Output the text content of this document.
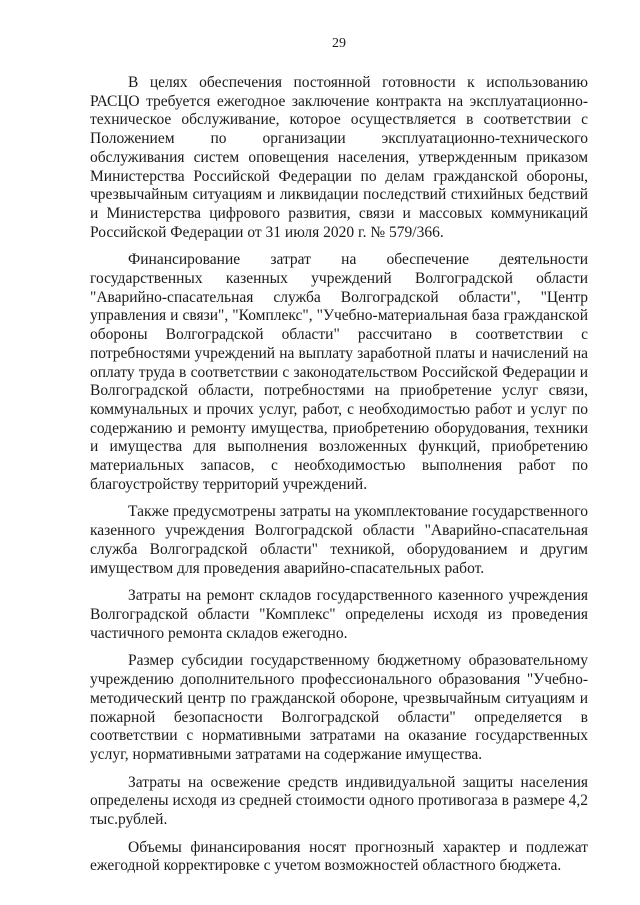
29

В целях обеспечения постоянной готовности к использованию РАСЦО требуется ежегодное заключение контракта на эксплуатационно-техническое обслуживание, которое осуществляется в соответствии с Положением по организации эксплуатационно-технического обслуживания систем оповещения населения, утвержденным приказом Министерства Российской Федерации по делам гражданской обороны, чрезвычайным ситуациям и ликвидации последствий стихийных бедствий и Министерства цифрового развития, связи и массовых коммуникаций Российской Федерации от 31 июля 2020 г. № 579/366.

Финансирование затрат на обеспечение деятельности государственных казенных учреждений Волгоградской области "Аварийно-спасательная служба Волгоградской области", "Центр управления и связи", "Комплекс", "Учебно-материальная база гражданской обороны Волгоградской области" рассчитано в соответствии с потребностями учреждений на выплату заработной платы и начислений на оплату труда в соответствии с законодательством Российской Федерации и Волгоградской области, потребностями на приобретение услуг связи, коммунальных и прочих услуг, работ, с необходимостью работ и услуг по содержанию и ремонту имущества, приобретению оборудования, техники и имущества для выполнения возложенных функций, приобретению материальных запасов, с необходимостью выполнения работ по благоустройству территорий учреждений.

Также предусмотрены затраты на укомплектование государственного казенного учреждения Волгоградской области "Аварийно-спасательная служба Волгоградской области" техникой, оборудованием и другим имуществом для проведения аварийно-спасательных работ.

Затраты на ремонт складов государственного казенного учреждения Волгоградской области "Комплекс" определены исходя из проведения частичного ремонта складов ежегодно.

Размер субсидии государственному бюджетному образовательному учреждению дополнительного профессионального образования "Учебно-методический центр по гражданской обороне, чрезвычайным ситуациям и пожарной безопасности Волгоградской области" определяется в соответствии с нормативными затратами на оказание государственных услуг, нормативными затратами на содержание имущества.

Затраты на освежение средств индивидуальной защиты населения определены исходя из средней стоимости одного противогаза в размере 4,2 тыс.рублей.

Объемы финансирования носят прогнозный характер и подлежат ежегодной корректировке с учетом возможностей областного бюджета.
